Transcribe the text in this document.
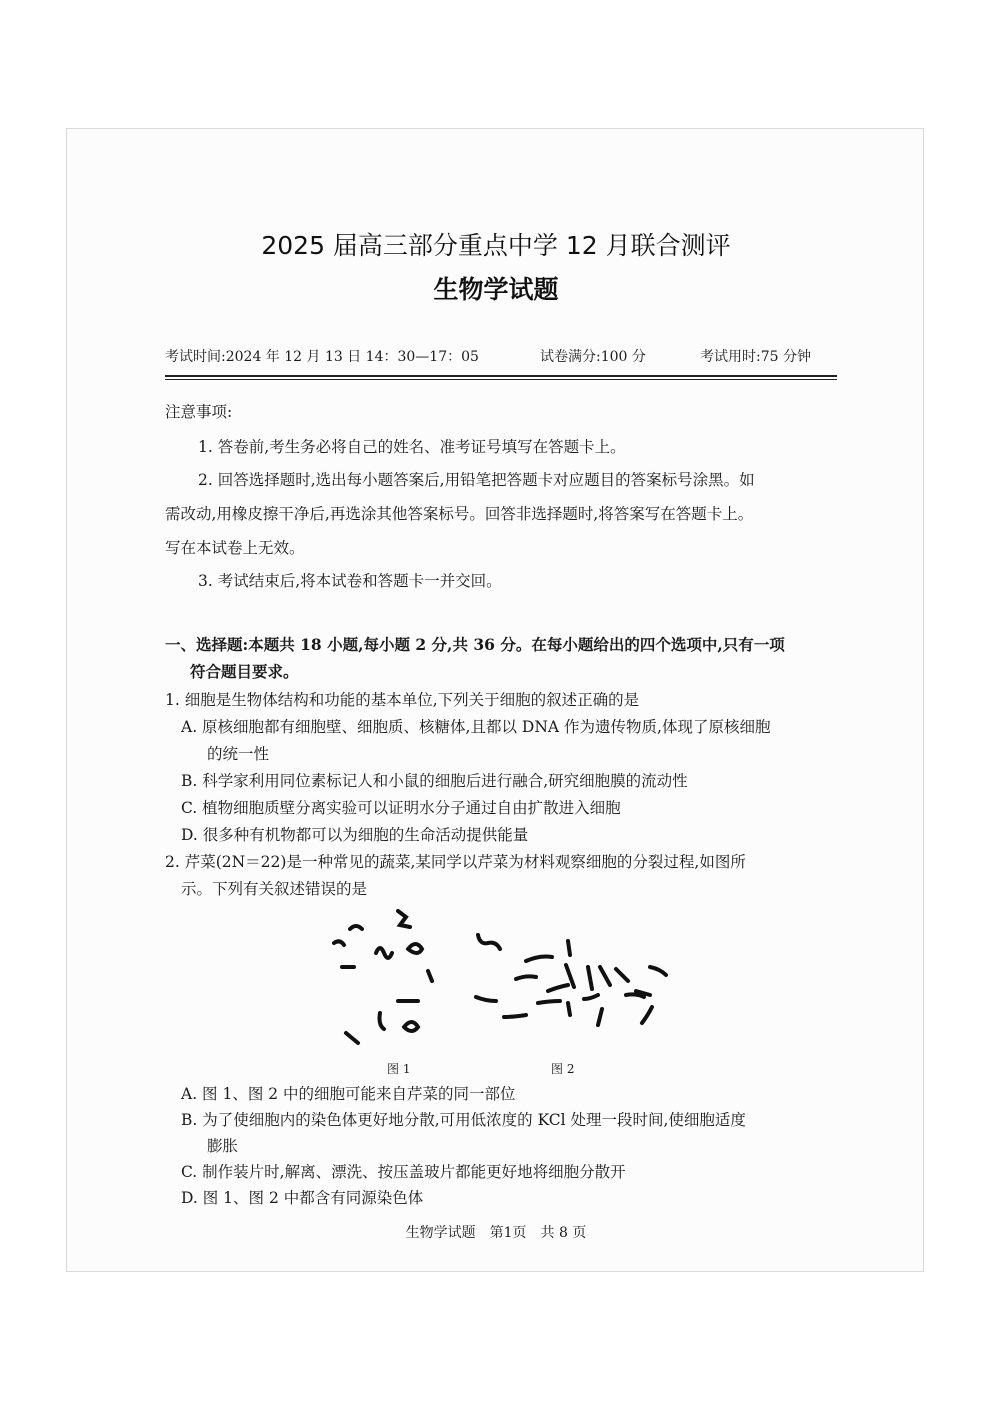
2025 届高三部分重点中学 12 月联合测评
生物学试题
考试时间:2024 年 12 月 13 日 14：30—17：05	试卷满分:100 分	考试用时:75 分钟
注意事项:
1. 答卷前,考生务必将自己的姓名、准考证号填写在答题卡上。
2. 回答选择题时,选出每小题答案后,用铅笔把答题卡对应题目的答案标号涂黑。如
需改动,用橡皮擦干净后,再选涂其他答案标号。回答非选择题时,将答案写在答题卡上。
写在本试卷上无效。
3. 考试结束后,将本试卷和答题卡一并交回。
一、选择题:本题共 18 小题,每小题 2 分,共 36 分。在每小题给出的四个选项中,只有一项
符合题目要求。
1. 细胞是生物体结构和功能的基本单位,下列关于细胞的叙述正确的是
A. 原核细胞都有细胞壁、细胞质、核糖体,且都以 DNA 作为遗传物质,体现了原核细胞
的统一性
B. 科学家利用同位素标记人和小鼠的细胞后进行融合,研究细胞膜的流动性
C. 植物细胞质壁分离实验可以证明水分子通过自由扩散进入细胞
D. 很多种有机物都可以为细胞的生命活动提供能量
2. 芹菜(2N＝22)是一种常见的蔬菜,某同学以芹菜为材料观察细胞的分裂过程,如图所
示。下列有关叙述错误的是
图 1	图 2
A. 图 1、图 2 中的细胞可能来自芹菜的同一部位
B. 为了使细胞内的染色体更好地分散,可用低浓度的 KCl 处理一段时间,使细胞适度
膨胀
C. 制作装片时,解离、漂洗、按压盖玻片都能更好地将细胞分散开
D. 图 1、图 2 中都含有同源染色体
生物学试题　第1页　共 8 页
